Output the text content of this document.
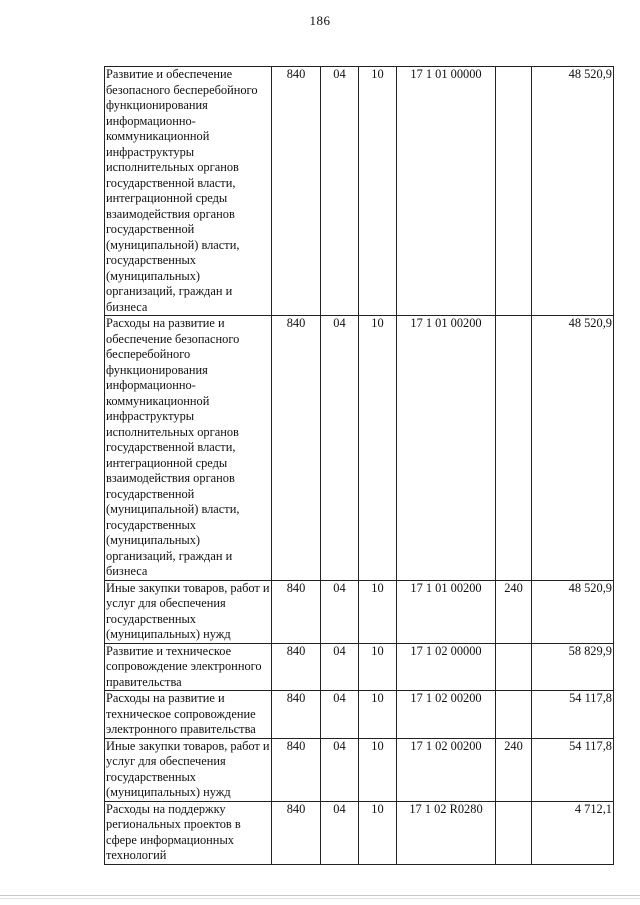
186
Развитие и обеспечение безопасного бесперебойного функционирования информационно-коммуникационной инфраструктуры исполнительных органов государственной власти, интеграционной среды взаимодействия органов государственной (муниципальной) власти, государственных (муниципальных) организаций, граждан и бизнеса	840	04	10	17 1 01 00000		48 520,9
Расходы на развитие и обеспечение безопасного бесперебойного функционирования информационно-коммуникационной инфраструктуры исполнительных органов государственной власти, интеграционной среды взаимодействия органов государственной (муниципальной) власти, государственных (муниципальных) организаций, граждан и бизнеса	840	04	10	17 1 01 00200		48 520,9
Иные закупки товаров, работ и услуг для обеспечения государственных (муниципальных) нужд	840	04	10	17 1 01 00200	240	48 520,9
Развитие и техническое сопровождение электронного правительства	840	04	10	17 1 02 00000		58 829,9
Расходы на развитие и техническое сопровождение электронного правительства	840	04	10	17 1 02 00200		54 117,8
Иные закупки товаров, работ и услуг для обеспечения государственных (муниципальных) нужд	840	04	10	17 1 02 00200	240	54 117,8
Расходы на поддержку региональных проектов в сфере информационных технологий	840	04	10	17 1 02 R0280		4 712,1
